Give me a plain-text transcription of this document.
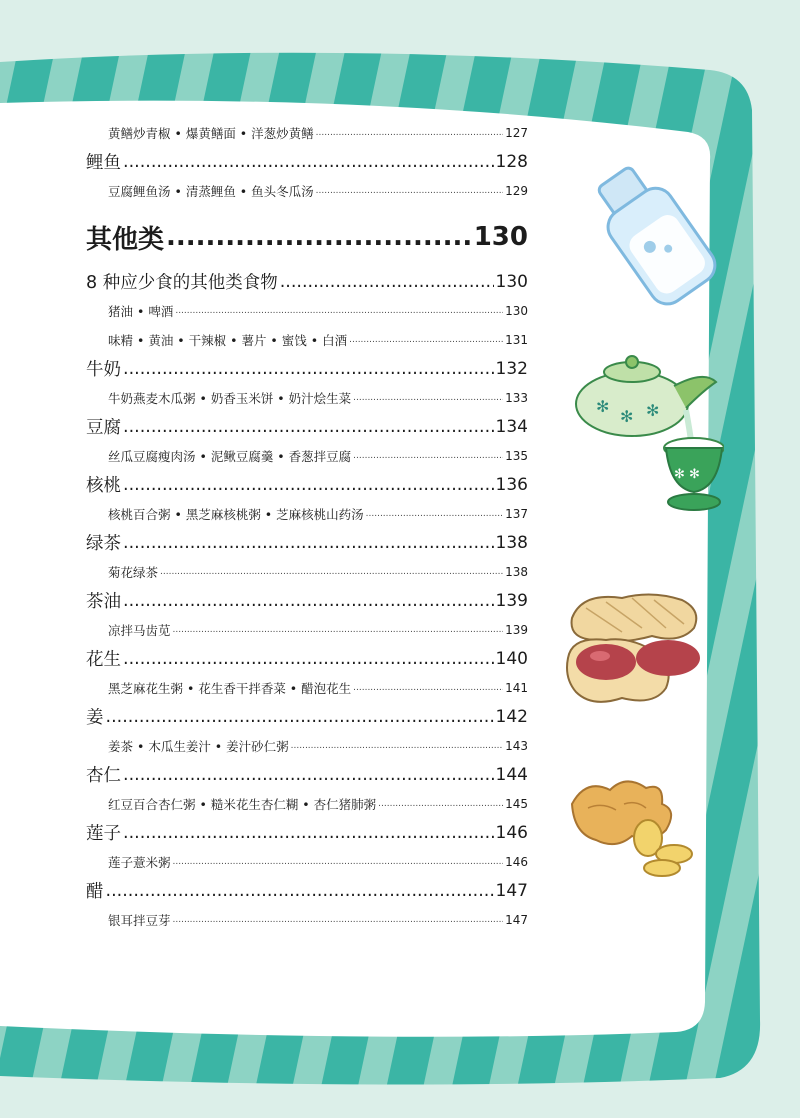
黄鳝炒青椒 • 爆黄鳝面 • 洋葱炒黄鳝 .....	127
鲤鱼 .....	128
豆腐鲤鱼汤 • 清蒸鲤鱼 • 鱼头冬瓜汤 .....	129
其他类 .....	130
8 种应少食的其他类食物 .....	130
猪油 • 啤酒 .....	130
味精 • 黄油 • 干辣椒 • 薯片 • 蜜饯 • 白酒 .....	131
牛奶 .....	132
牛奶燕麦木瓜粥 • 奶香玉米饼 • 奶汁烩生菜 .....	133
豆腐 .....	134
丝瓜豆腐瘦肉汤 • 泥鳅豆腐羹 • 香葱拌豆腐 .....	135
核桃 .....	136
核桃百合粥 • 黑芝麻核桃粥 • 芝麻核桃山药汤 .....	137
绿茶 .....	138
菊花绿茶 .....	138
茶油 .....	139
凉拌马齿苋 .....	139
花生 .....	140
黑芝麻花生粥 • 花生香干拌香菜 • 醋泡花生 .....	141
姜 .....	142
姜茶 • 木瓜生姜汁 • 姜汁砂仁粥 .....	143
杏仁 .....	144
红豆百合杏仁粥 • 糙米花生杏仁糊 • 杏仁猪肺粥 .....	145
莲子 .....	146
莲子薏米粥 .....	146
醋 .....	147
银耳拌豆芽 .....	147
✻
✻ ✻
✻ ✻
